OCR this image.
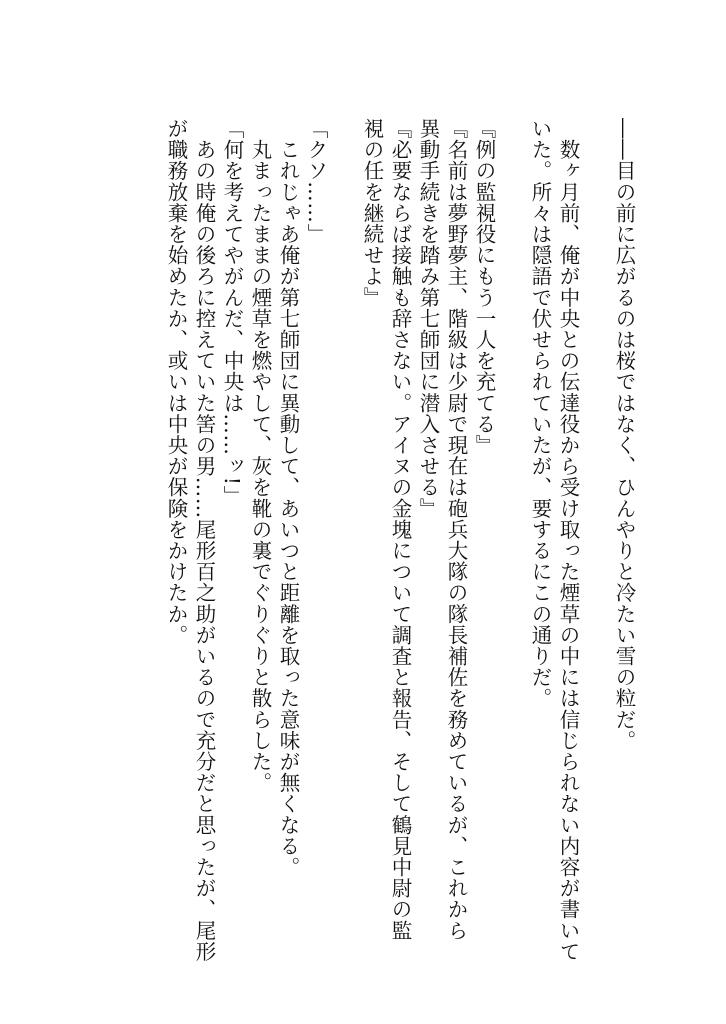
――目の前に広がるのは桜ではなく、ひんやりと冷たい雪の粒だ。

　数ヶ月前、俺が中央との伝達役から受け取った煙草の中には信じられない内容が書いて

いた。所々は隠語で伏せられていたが、要するにこの通りだ。

『例の監視役にもう一人を充てる』

『名前は夢野夢主、階級は少尉で現在は砲兵大隊の隊長補佐を務めているが、これから

異動手続きを踏み第七師団に潜入させる』

『必要ならば接触も辞さない。アイヌの金塊について調査と報告、そして鶴見中尉の監

視の任を継続せよ』

「クソ……」

　これじゃあ俺が第七師団に異動して、あいつと距離を取った意味が無くなる。

　丸まったままの煙草を燃やして、灰を靴の裏でぐりぐりと散らした。

「何を考えてやがんだ、中央は……ッ!」

　あの時俺の後ろに控えていた筈の男……尾形百之助がいるので充分だと思ったが、尾形

が職務放棄を始めたか、或いは中央が保険をかけたか。
